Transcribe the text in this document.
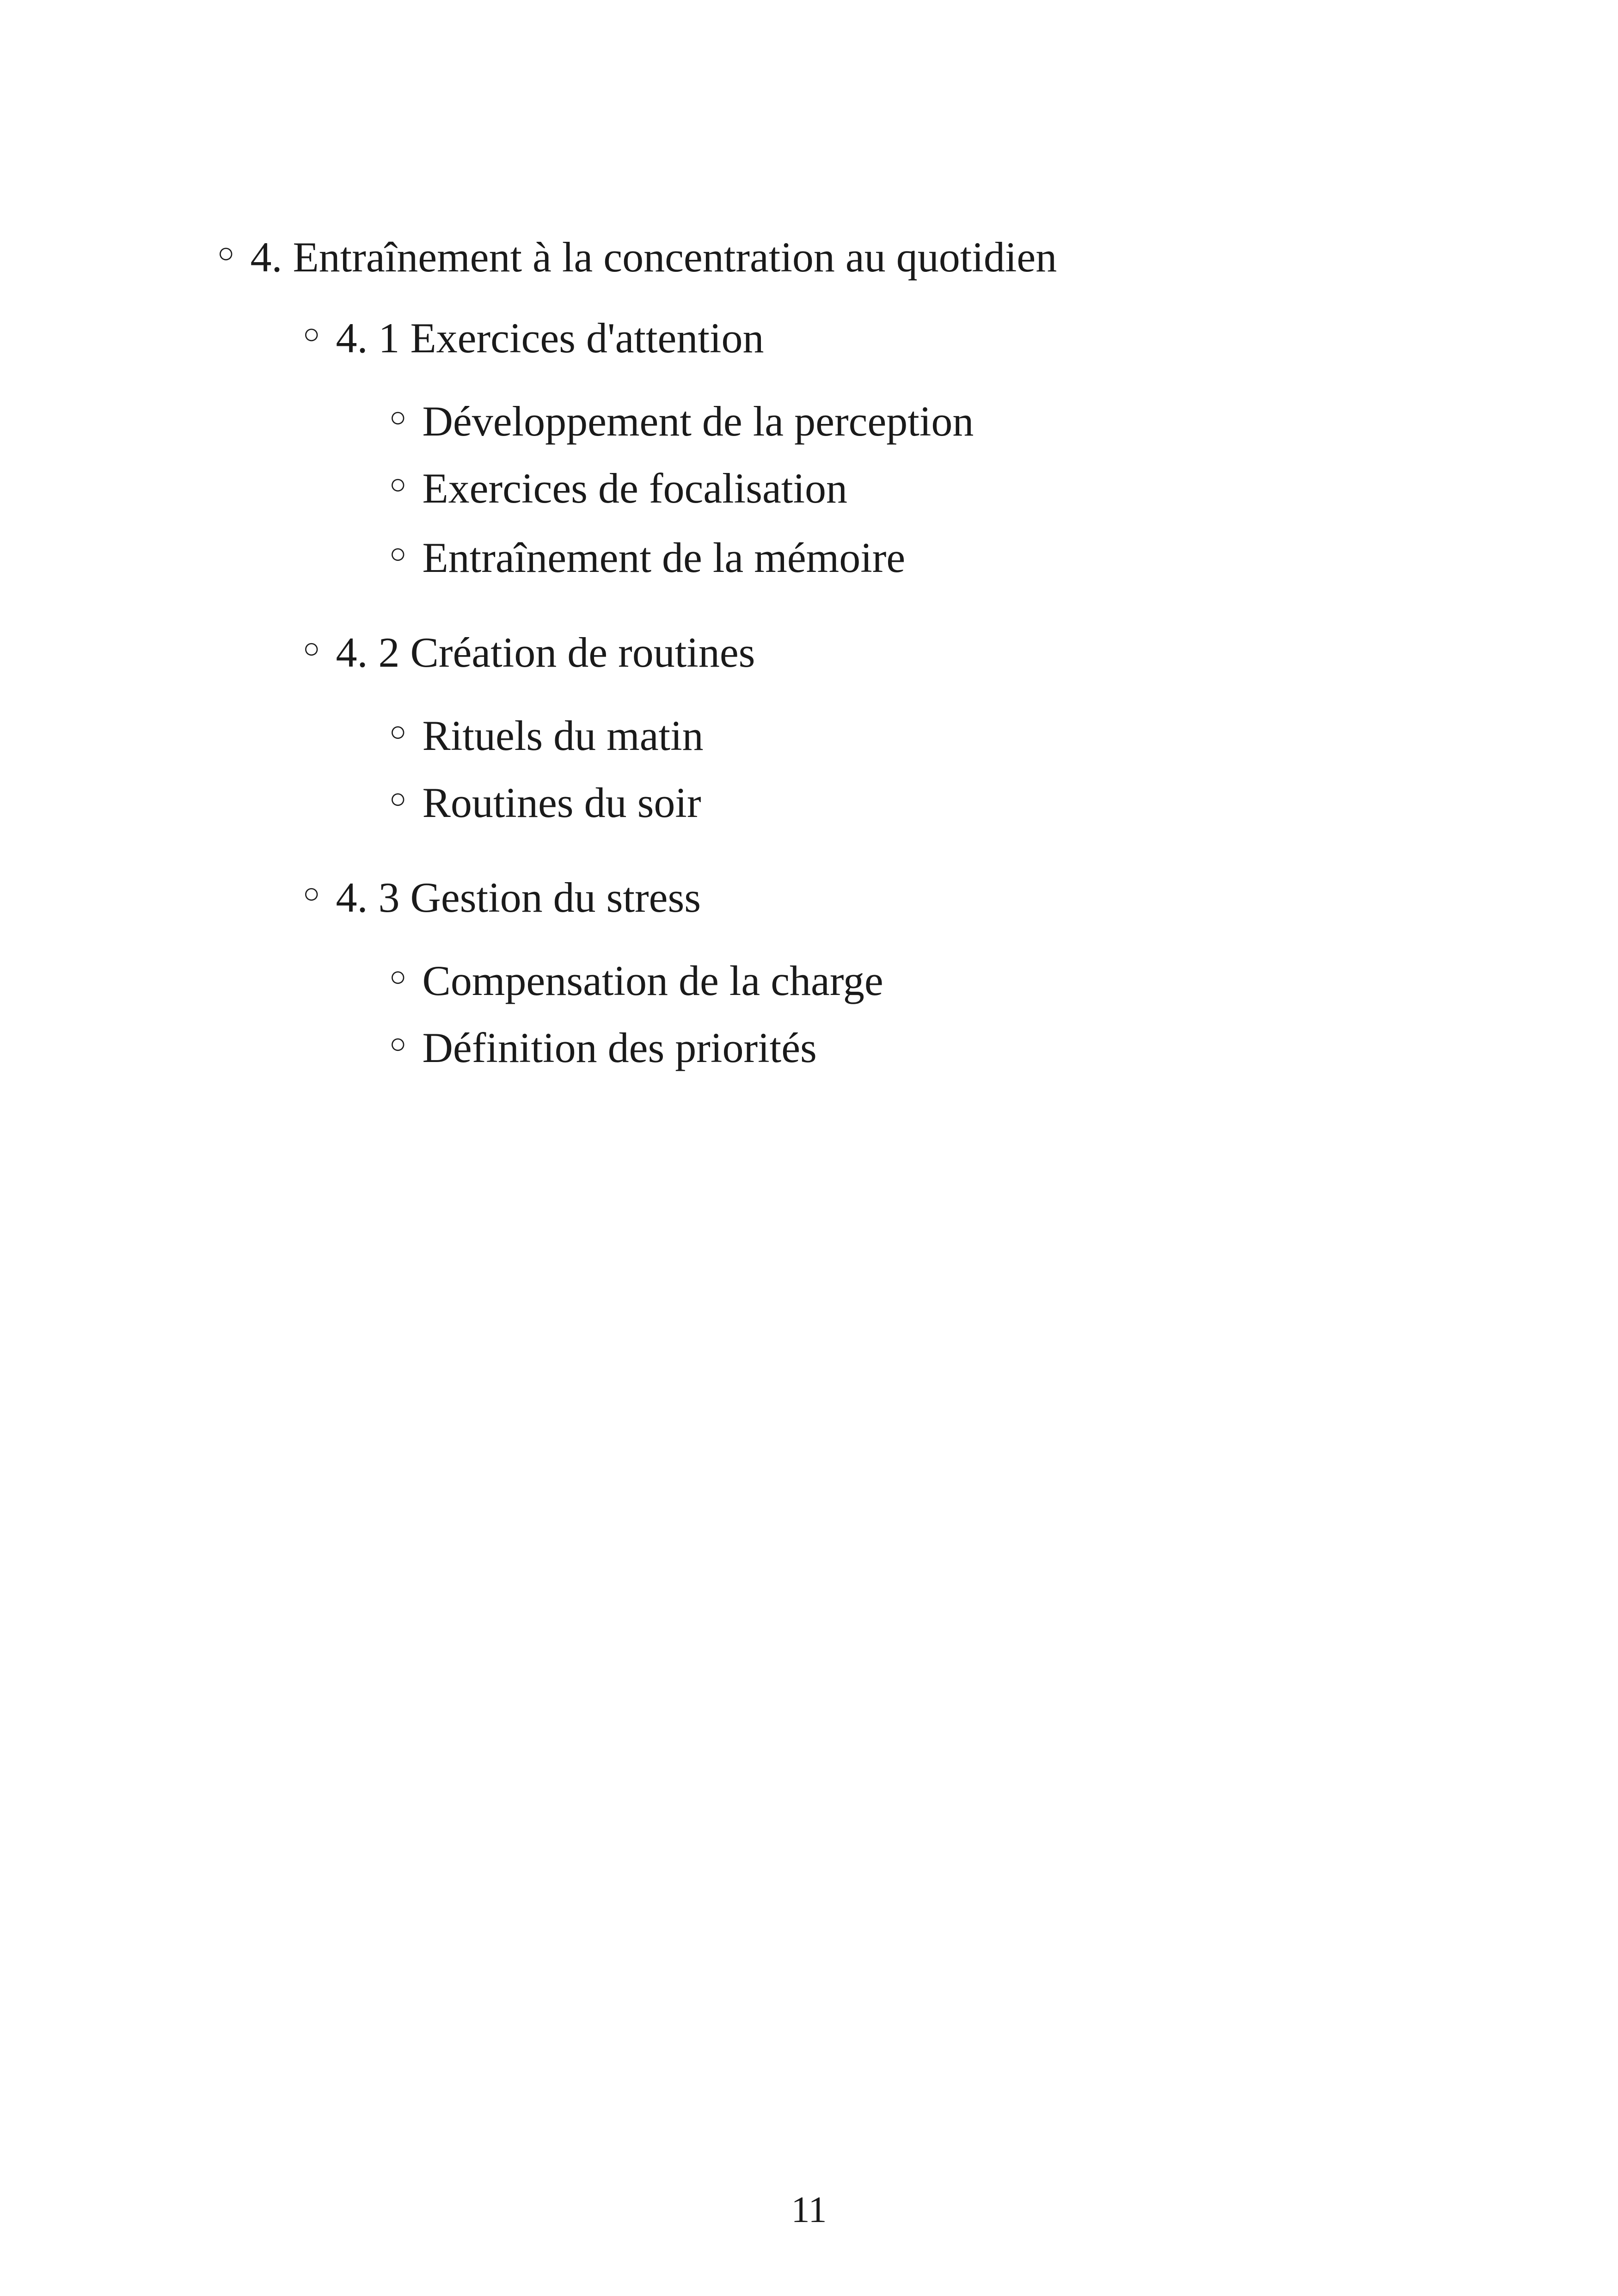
○ 4. Entraînement à la concentration au quotidien
○ 4. 1 Exercices d'attention
○ Développement de la perception
○ Exercices de focalisation
○ Entraînement de la mémoire
○ 4. 2 Création de routines
○ Rituels du matin
○ Routines du soir
○ 4. 3 Gestion du stress
○ Compensation de la charge
○ Définition des priorités
11
